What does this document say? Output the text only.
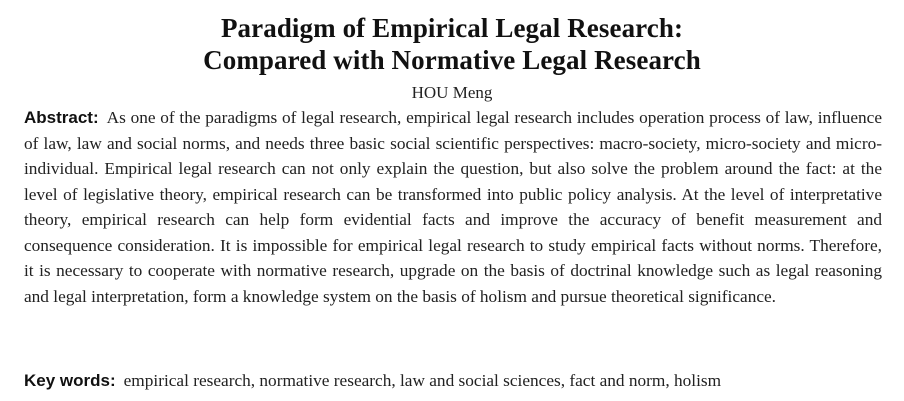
Paradigm of Empirical Legal Research:
Compared with Normative Legal Research
HOU Meng
Abstract: As one of the paradigms of legal research, empirical legal research includes operation process of law, influence of law, law and social norms, and needs three basic social scientific perspectives: macro-society, micro-society and micro-individual. Empirical legal research can not only explain the question, but also solve the problem around the fact: at the level of legislative theory, empirical research can be transformed into public policy analysis. At the level of interpretative theory, empirical research can help form evidential facts and improve the accuracy of benefit measurement and consequence consideration. It is impossible for empirical legal research to study empirical facts without norms. Therefore, it is necessary to cooperate with normative research, upgrade on the basis of doctrinal knowledge such as legal reasoning and legal interpretation, form a knowledge system on the basis of holism and pursue theoretical significance.
Key words: empirical research, normative research, law and social sciences, fact and norm, holism
